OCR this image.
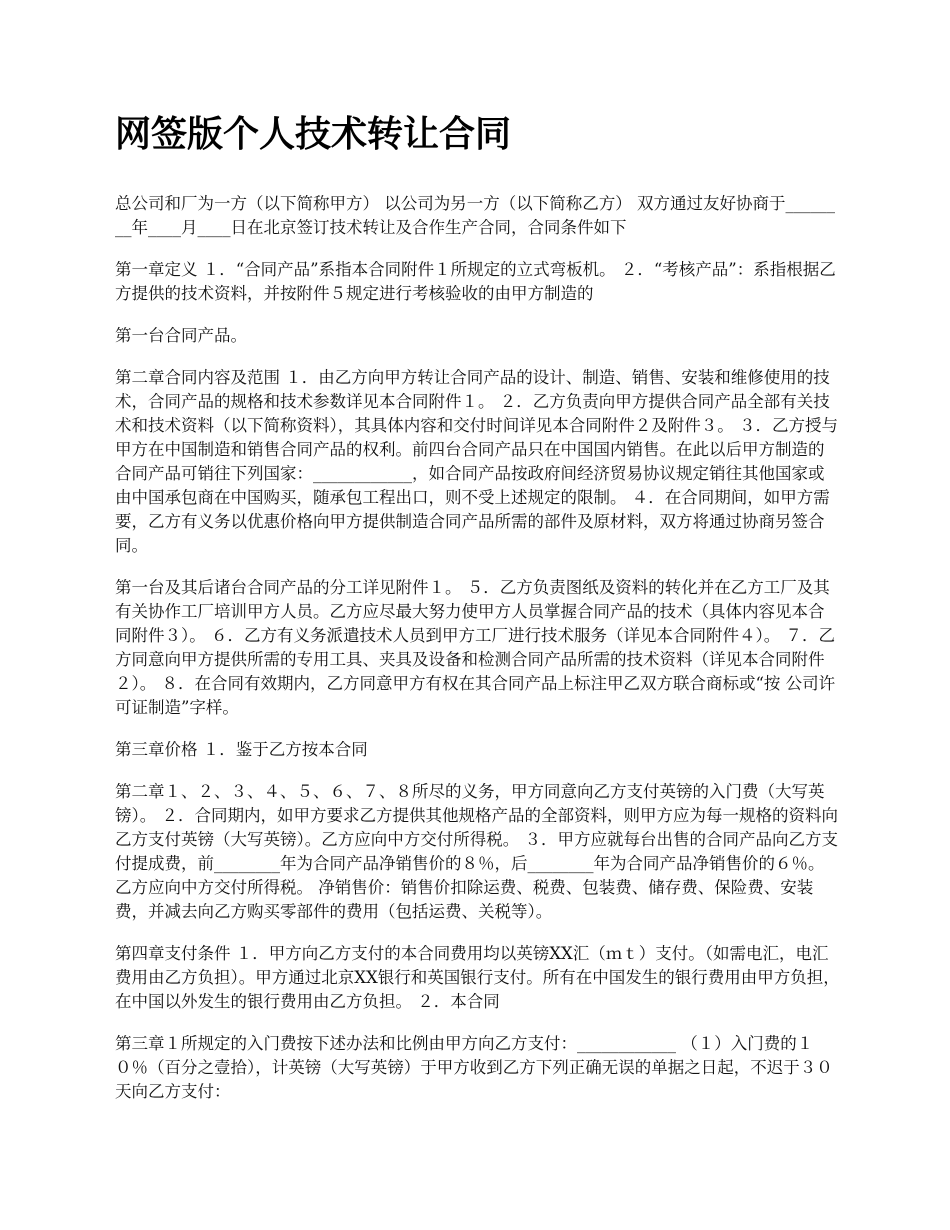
网签版个人技术转让合同

总公司和厂为一方（以下简称甲方） 以公司为另一方（以下简称乙方） 双方通过友好协商于________年____月____日在北京签订技术转让及合作生产合同，合同条件如下

第一章定义 １．“合同产品”系指本合同附件１所规定的立式弯板机。 ２．“考核产品”：系指根据乙方提供的技术资料，并按附件５规定进行考核验收的由甲方制造的

第一台合同产品。

第二章合同内容及范围 １．由乙方向甲方转让合同产品的设计、制造、销售、安装和维修使用的技术，合同产品的规格和技术参数详见本合同附件１。 ２．乙方负责向甲方提供合同产品全部有关技术和技术资料（以下简称资料），其具体内容和交付时间详见本合同附件２及附件３。 ３．乙方授与甲方在中国制造和销售合同产品的权利。前四台合同产品只在中国国内销售。在此以后甲方制造的合同产品可销往下列国家：____________，如合同产品按政府间经济贸易协议规定销往其他国家或由中国承包商在中国购买，随承包工程出口，则不受上述规定的限制。 ４．在合同期间，如甲方需要，乙方有义务以优惠价格向甲方提供制造合同产品所需的部件及原材料，双方将通过协商另签合同。

第一台及其后诸台合同产品的分工详见附件１。 ５．乙方负责图纸及资料的转化并在乙方工厂及其有关协作工厂培训甲方人员。乙方应尽最大努力使甲方人员掌握合同产品的技术（具体内容见本合同附件３）。 ６．乙方有义务派遣技术人员到甲方工厂进行技术服务（详见本合同附件４）。 ７．乙方同意向甲方提供所需的专用工具、夹具及设备和检测合同产品所需的技术资料（详见本合同附件２）。 ８．在合同有效期内，乙方同意甲方有权在其合同产品上标注甲乙双方联合商标或“按 公司许可证制造”字样。

第三章价格 １．鉴于乙方按本合同

第二章１、２、３、４、５、６、７、８所尽的义务，甲方同意向乙方支付英镑的入门费（大写英镑）。 ２．合同期内，如甲方要求乙方提供其他规格产品的全部资料，则甲方应为每一规格的资料向乙方支付英镑（大写英镑）。乙方应向中方交付所得税。 ３．甲方应就每台出售的合同产品向乙方支付提成费，前________年为合同产品净销售价的８％，后________年为合同产品净销售价的６％。乙方应向中方交付所得税。 净销售价：销售价扣除运费、税费、包装费、储存费、保险费、安装费，并减去向乙方购买零部件的费用（包括运费、关税等）。

第四章支付条件 １．甲方向乙方支付的本合同费用均以英镑XX汇（ｍｔ）支付。（如需电汇，电汇费用由乙方负担）。甲方通过北京XX银行和英国银行支付。所有在中国发生的银行费用由甲方负担，在中国以外发生的银行费用由乙方负担。 ２．本合同

第三章１所规定的入门费按下述办法和比例由甲方向乙方支付：____________ （１）入门费的１０％（百分之壹拾），计英镑（大写英镑）于甲方收到乙方下列正确无误的单据之日起，不迟于３０天向乙方支付：
